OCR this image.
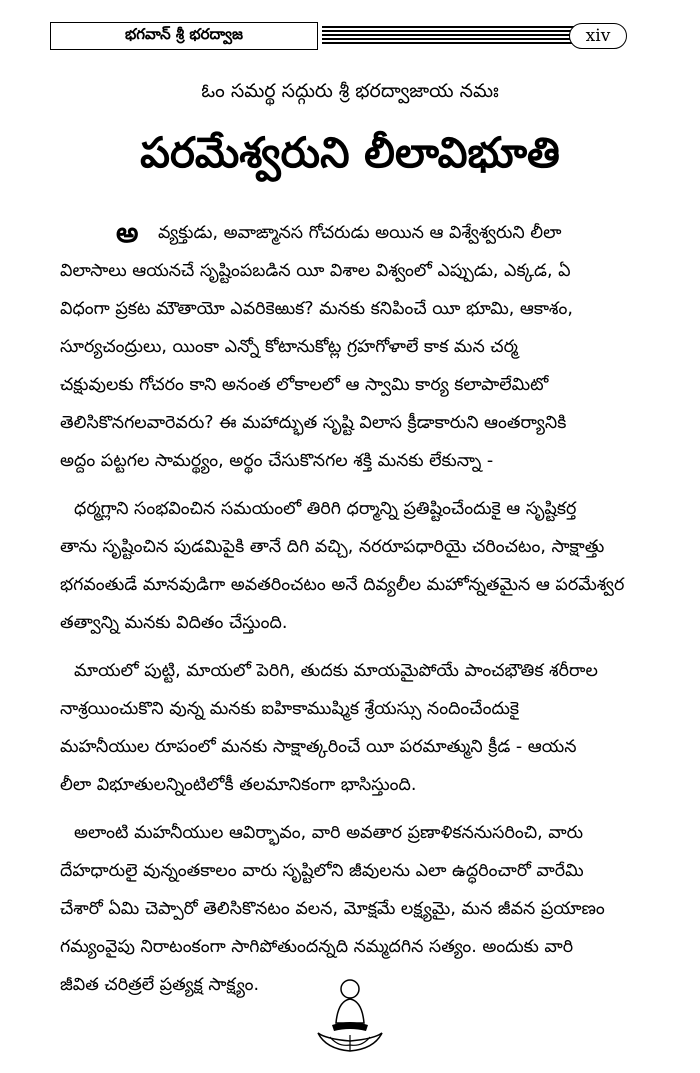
భగవాన్ శ్రీ భరద్వాజ	xiv
ఓం సమర్థ సద్గురు శ్రీ భరద్వాజాయ నమః
పరమేశ్వరుని లీలావిభూతి
అ వ్యక్తుడు, అవాఙ్మానస గోచరుడు అయిన ఆ విశ్వేశ్వరుని లీలా
విలాసాలు ఆయనచే సృష్టింపబడిన యీ విశాల విశ్వంలో ఎప్పుడు, ఎక్కడ, ఏ
విధంగా ప్రకట మౌతాయో ఎవరికెఱుక? మనకు కనిపించే యీ భూమి, ఆకాశం,
సూర్యచంద్రులు, యింకా ఎన్నో కోటానుకోట్ల గ్రహగోళాలే కాక మన చర్మ
చక్షువులకు గోచరం కాని అనంత లోకాలలో ఆ స్వామి కార్య కలాపాలేమిటో
తెలిసికొనగలవారెవరు? ఈ మహాద్భుత సృష్టి విలాస క్రీడాకారుని ఆంతర్యానికి
అద్దం పట్టగల సామర్థ్యం, అర్థం చేసుకొనగల శక్తి మనకు లేకున్నా -
ధర్మగ్లాని సంభవించిన సమయంలో తిరిగి ధర్మాన్ని ప్రతిష్టించేందుకై ఆ సృష్టికర్త
తాను సృష్టించిన పుడమిపైకి తానే దిగి వచ్చి, నరరూపధారియై చరించటం, సాక్షాత్తు
భగవంతుడే మానవుడిగా అవతరించటం అనే దివ్యలీల మహోన్నతమైన ఆ పరమేశ్వర
తత్వాన్ని మనకు విదితం చేస్తుంది.
మాయలో పుట్టి, మాయలో పెరిగి, తుదకు మాయమైపోయే పాంచభౌతిక శరీరాల
నాశ్రయించుకొని వున్న మనకు ఐహికాముష్మిక శ్రేయస్సు నందించేందుకై
మహనీయుల రూపంలో మనకు సాక్షాత్కరించే యీ పరమాత్ముని క్రీడ - ఆయన
లీలా విభూతులన్నింటిలోకీ తలమానికంగా భాసిస్తుంది.
అలాంటి మహనీయుల ఆవిర్భావం, వారి అవతార ప్రణాళికననుసరించి, వారు
దేహధారులై వున్నంతకాలం వారు సృష్టిలోని జీవులను ఎలా ఉద్ధరించారో వారేమి
చేశారో ఏమి చెప్పారో తెలిసికొనటం వలన, మోక్షమే లక్ష్యమై, మన జీవన ప్రయాణం
గమ్యంవైపు నిరాటంకంగా సాగిపోతుందన్నది నమ్మదగిన సత్యం. అందుకు వారి
జీవిత చరిత్రలే ప్రత్యక్ష సాక్ష్యం.
